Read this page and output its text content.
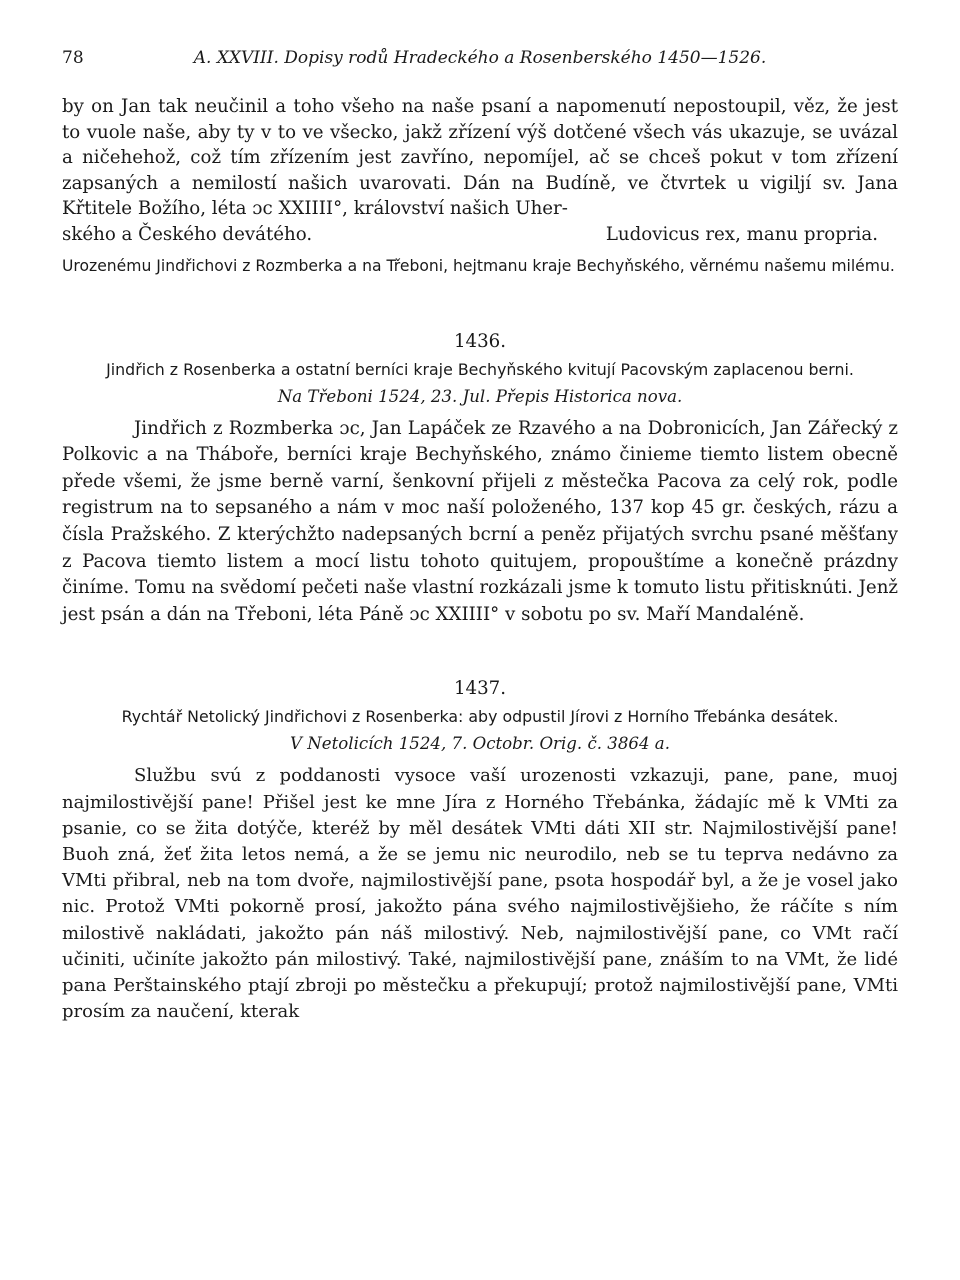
78	A. XXVIII. Dopisy rodů Hradeckého a Rosenberského 1450—1526.

by on Jan tak neučinil a toho všeho na naše psaní a napomenutí nepostoupil, věz, že jest to vuole naše, aby ty v to ve všecko, jakž zřízení výš dotčené všech vás ukazuje, se uvázal a ničehehož, což tím zřízením jest zavříno, nepomíjel, ač se chceš pokut v tom zřízení zapsaných a nemilostí našich uvarovati. Dán na Budíně, ve čtvrtek u vigiljí sv. Jana Křtitele Božího, léta ɔc XXIIII°, království našich Uher-

ského a Českého devátého.	Ludovicus rex, manu propria.

Urozenému Jindřichovi z Rozmberka a na Třeboni, hejtmanu kraje Bechyňského, věrnému našemu milému.

1436.

Jindřich z Rosenberka a ostatní berníci kraje Bechyňského kvitují Pacovským zaplacenou berni.

Na Třeboni 1524, 23. Jul. Přepis Historica nova.

Jindřich z Rozmberka ɔc, Jan Lapáček ze Rzavého a na Dobronicích, Jan Zářecký z Polkovic a na Tháboře, berníci kraje Bechyňského, známo činieme tiemto listem obecně přede všemi, že jsme berně varní, šenkovní přijeli z městečka Pacova za celý rok, podle registrum na to sepsaného a nám v moc naší položeného, 137 kop 45 gr. českých, rázu a čísla Pražského. Z kterýchžto nadepsaných bcrní a peněz přijatých svrchu psané měšťany z Pacova tiemto listem a mocí listu tohoto quitujem, propouštíme a konečně prázdny činíme. Tomu na svědomí pečeti naše vlastní rozkázali jsme k tomuto listu přitisknúti. Jenž jest psán a dán na Třeboni, léta Páně ɔc XXIIII° v sobotu po sv. Maří Mandaléně.

1437.

Rychtář Netolický Jindřichovi z Rosenberka: aby odpustil Jírovi z Horního Třebánka desátek.

V Netolicích 1524, 7. Octobr. Orig. č. 3864 a.

Službu svú z poddanosti vysoce vaší urozenosti vzkazuji, pane, pane, muoj najmilostivější pane! Přišel jest ke mne Jíra z Horného Třebánka, žádajíc mě k VMti za psanie, co se žita dotýče, kteréž by měl desátek VMti dáti XII str. Najmilostivější pane! Buoh zná, žeť žita letos nemá, a že se jemu nic neurodilo, neb se tu teprva nedávno za VMti přibral, neb na tom dvoře, najmilostivější pane, psota hospodář byl, a že je vosel jako nic. Protož VMti pokorně prosí, jakožto pána svého najmilostivějšieho, že ráčíte s ním milostivě nakládati, jakožto pán náš milostivý. Neb, najmilostivější pane, co VMt račí učiniti, učiníte jakožto pán milostivý. Také, najmilostivější pane, znáším to na VMt, že lidé pana Perštainského ptají zbroji po městečku a překupují; protož najmilostivější pane, VMti prosím za naučení, kterak
